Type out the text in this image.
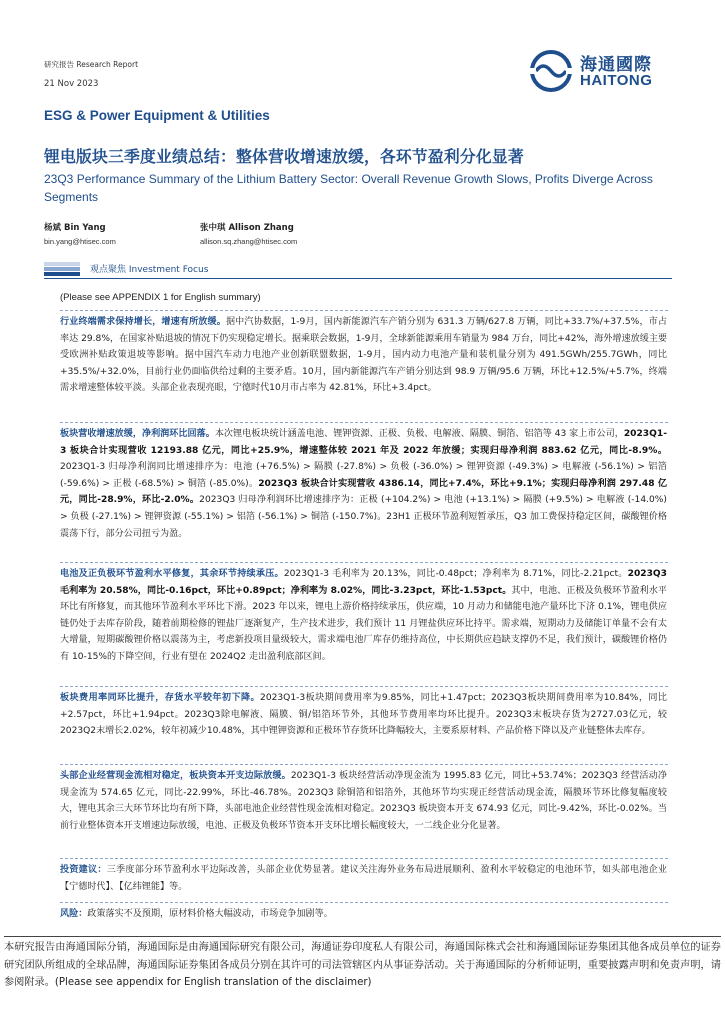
研究报告 Research Report
21 Nov 2023
海通國際
HAITONG
ESG & Power Equipment & Utilities
锂电版块三季度业绩总结：整体营收增速放缓，各环节盈利分化显著
23Q3 Performance Summary of the Lithium Battery Sector: Overall Revenue Growth Slows, Profits Diverge Across Segments
杨斌 Bin Yang
bin.yang@htisec.com
张中琪 Allison Zhang
allison.sq.zhang@htisec.com
观点聚焦 Investment Focus
(Please see APPENDIX 1 for English summary)
行业终端需求保持增长，增速有所放缓。据中汽协数据，1-9月，国内新能源汽车产销分别为 631.3 万辆/627.8 万辆，同比+33.7%/+37.5%，市占率达 29.8%，在国家补贴退坡的情况下仍实现稳定增长。据乘联会数据，1-9月，全球新能源乘用车销量为 984 万台，同比+42%，海外增速放缓主要受欧洲补贴政策退坡等影响。据中国汽车动力电池产业创新联盟数据，1-9月，国内动力电池产量和装机量分别为 491.5GWh/255.7GWh，同比+35.5%/+32.0%，目前行业仍面临供给过剩的主要矛盾。10月，国内新能源汽车产销分别达到 98.9 万辆/95.6 万辆，环比+12.5%/+5.7%，终端需求增速整体较平淡。头部企业表现亮眼，宁德时代10月市占率为 42.81%，环比+3.4pct。
板块营收增速放缓，净利润环比回落。本次锂电板块统计涵盖电池、锂钾资源、正极、负极、电解液、隔膜、铜箔、铝箔等 43 家上市公司，2023Q1-3 板块合计实现营收 12193.88 亿元，同比+25.9%，增速整体较 2021 年及 2022 年放缓；实现归母净利润 883.62 亿元，同比-8.9%。2023Q1-3 归母净利润同比增速排序为：电池 (+76.5%) > 隔膜 (-27.8%) > 负极 (-36.0%) > 锂钾资源 (-49.3%) > 电解液 (-56.1%) > 铝箔(-59.6%) > 正极 (-68.5%) > 铜箔 (-85.0%)。2023Q3 板块合计实现营收 4386.14，同比+7.4%，环比+9.1%；实现归母净利润 297.48 亿元，同比-28.9%，环比-2.0%。2023Q3 归母净利润环比增速排序为：正极 (+104.2%) > 电池 (+13.1%) > 隔膜 (+9.5%) > 电解液 (-14.0%) > 负极 (-27.1%) > 锂钾资源 (-55.1%) > 铝箔 (-56.1%) > 铜箔 (-150.7%)。23H1 正极环节盈利短暂承压，Q3 加工费保持稳定区间，碳酸锂价格震荡下行，部分公司扭亏为盈。
电池及正负极环节盈利水平修复，其余环节持续承压。2023Q1-3 毛利率为 20.13%，同比-0.48pct；净利率为 8.71%，同比-2.21pct。2023Q3 毛利率为 20.58%，同比-0.16pct，环比+0.89pct；净利率为 8.02%，同比-3.23pct，环比-1.53pct。其中，电池、正极及负极环节盈利水平环比有所修复，而其他环节盈利水平环比下滑。2023 年以来，锂电上游价格持续承压，供应端，10 月动力和储能电池产量环比下济 0.1%，锂电供应链仍处于去库存阶段，随着前期检修的锂盐厂逐渐复产，生产技术进步，我们预计 11 月锂盐供应环比持平。需求端，短期动力及储能订单量不会有太大增量，短期碳酸锂价格以震荡为主，考虑新投项目量级较大，需求端电池厂库存仍维持高位，中长期供应趋缺支撑仍不足，我们预计，碳酸锂价格仍有 10-15%的下降空间，行业有望在 2024Q2 走出盈利底部区间。
板块费用率同环比提升，存货水平较年初下降。2023Q1-3板块期间费用率为9.85%，同比+1.47pct；2023Q3板块期间费用率为10.84%，同比+2.57pct，环比+1.94pct。2023Q3除电解液、隔膜、铜/铝箔环节外，其他环节费用率均环比提升。2023Q3末板块存货为2727.03亿元，较2023Q2末增长2.02%，较年初减少10.48%，其中锂钾资源和正极环节存货环比降幅较大，主要系原材料、产品价格下降以及产业链整体去库存。
头部企业经营现金流相对稳定，板块资本开支边际放缓。2023Q1-3 板块经营活动净现金流为 1995.83 亿元，同比+53.74%；2023Q3 经营活动净现金流为 574.65 亿元，同比-22.99%，环比-46.78%。2023Q3 除铜箔和铝箔外，其他环节均实现正经营活动现金流，隔膜环节环比修复幅度较大，锂电其余三大环节环比均有所下降，头部电池企业经营性现金流相对稳定。2023Q3 板块资本开支 674.93 亿元，同比-9.42%，环比-0.02%。当前行业整体资本开支增速边际放缓，电池、正极及负极环节资本开支环比增长幅度较大，一二线企业分化显著。
投资建议：三季度部分环节盈利水平边际改善，头部企业优势显著。建议关注海外业务布局进展顺利、盈利水平较稳定的电池环节，如头部电池企业【宁德时代】、【亿纬锂能】等。
风险：政策落实不及预期，原材料价格大幅波动，市场竞争加剧等。
本研究报告由海通国际分销，海通国际是由海通国际研究有限公司，海通证券印度私人有限公司，海通国际株式会社和海通国际证券集团其他各成员单位的证券研究团队所组成的全球品牌，海通国际证券集团各成员分别在其许可的司法管辖区内从事证券活动。关于海通国际的分析师证明，重要披露声明和免责声明，请参阅附录。(Please see appendix for English translation of the disclaimer)
